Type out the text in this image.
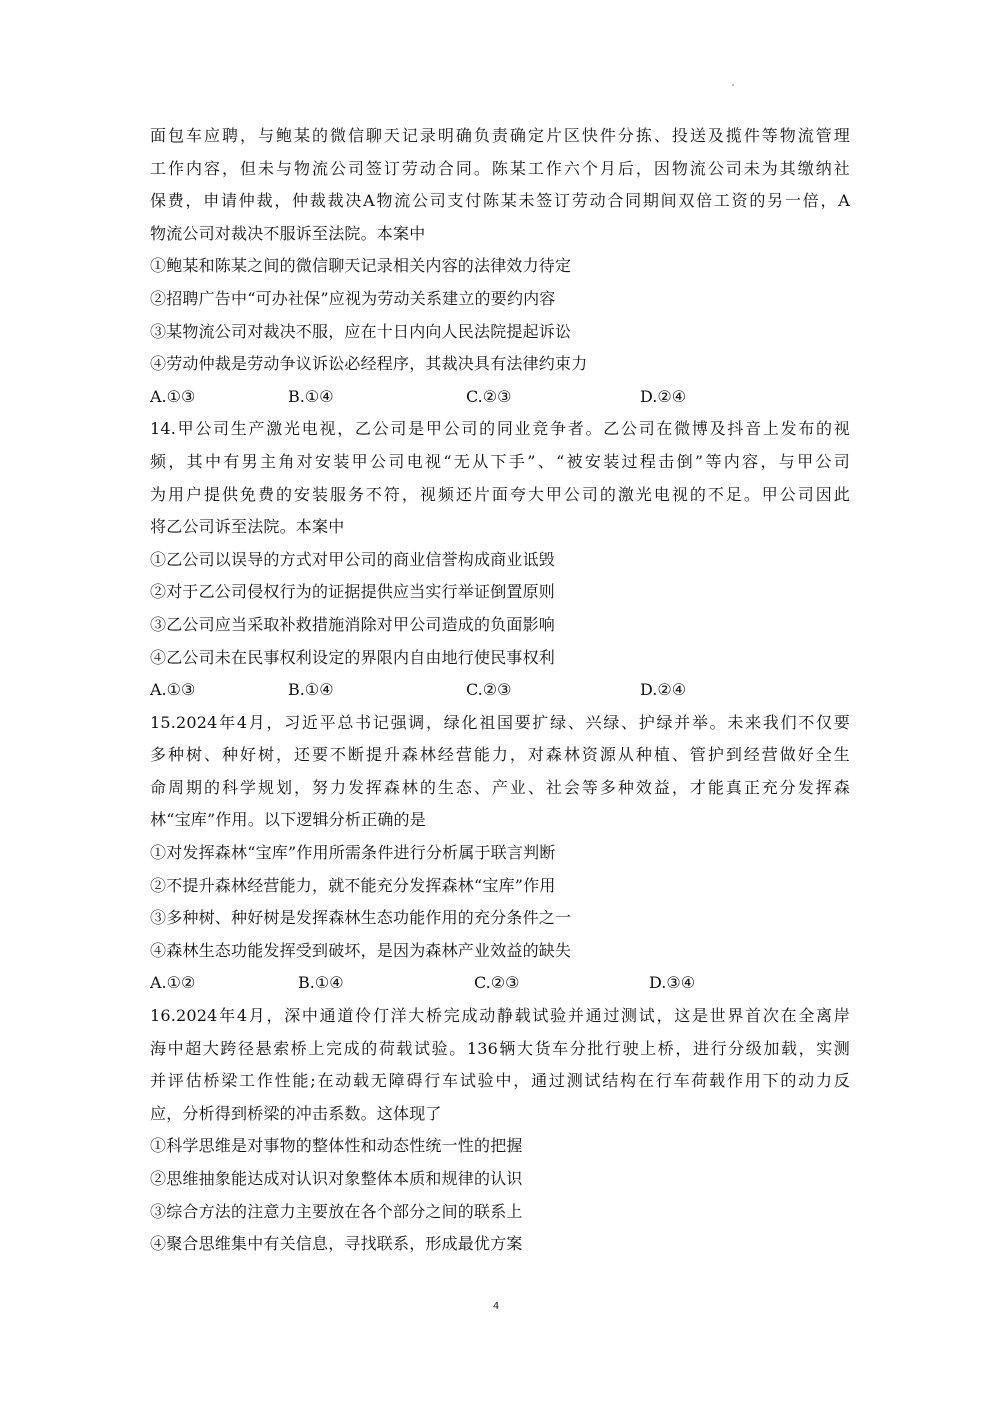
面包车应聘，与鲍某的微信聊天记录明确负责确定片区快件分拣、投送及揽件等物流管理
工作内容，但未与物流公司签订劳动合同。陈某工作六个月后，因物流公司未为其缴纳社
保费，申请仲裁，仲裁裁决A物流公司支付陈某未签订劳动合同期间双倍工资的另一倍，A
物流公司对裁决不服诉至法院。本案中
①鲍某和陈某之间的微信聊天记录相关内容的法律效力待定
②招聘广告中“可办社保”应视为劳动关系建立的要约内容
③某物流公司对裁决不服，应在十日内向人民法院提起诉讼
④劳动仲裁是劳动争议诉讼必经程序，其裁决具有法律约束力
A.①③	B.①④	C.②③	D.②④
14.甲公司生产激光电视，乙公司是甲公司的同业竞争者。乙公司在微博及抖音上发布的视
频，其中有男主角对安装甲公司电视“无从下手”、“被安装过程击倒”等内容，与甲公司
为用户提供免费的安装服务不符，视频还片面夸大甲公司的激光电视的不足。甲公司因此
将乙公司诉至法院。本案中
①乙公司以误导的方式对甲公司的商业信誉构成商业诋毁
②对于乙公司侵权行为的证据提供应当实行举证倒置原则
③乙公司应当采取补救措施消除对甲公司造成的负面影响
④乙公司未在民事权利设定的界限内自由地行使民事权利
A.①③	B.①④	C.②③	D.②④
15.2024年4月，习近平总书记强调，绿化祖国要扩绿、兴绿、护绿并举。未来我们不仅要
多种树、种好树，还要不断提升森林经营能力，对森林资源从种植、管护到经营做好全生
命周期的科学规划，努力发挥森林的生态、产业、社会等多种效益，才能真正充分发挥森
林“宝库”作用。以下逻辑分析正确的是
①对发挥森林“宝库”作用所需条件进行分析属于联言判断
②不提升森林经营能力，就不能充分发挥森林“宝库”作用
③多种树、种好树是发挥森林生态功能作用的充分条件之一
④森林生态功能发挥受到破坏，是因为森林产业效益的缺失
A.①②	B.①④	C.②③	D.③④
16.2024年4月，深中通道伶仃洋大桥完成动静载试验并通过测试，这是世界首次在全离岸
海中超大跨径悬索桥上完成的荷载试验。136辆大货车分批行驶上桥，进行分级加载，实测
并评估桥梁工作性能;在动载无障碍行车试验中，通过测试结构在行车荷载作用下的动力反
应，分析得到桥梁的冲击系数。这体现了
①科学思维是对事物的整体性和动态性统一性的把握
②思维抽象能达成对认识对象整体本质和规律的认识
③综合方法的注意力主要放在各个部分之间的联系上
④聚合思维集中有关信息，寻找联系，形成最优方案
4
